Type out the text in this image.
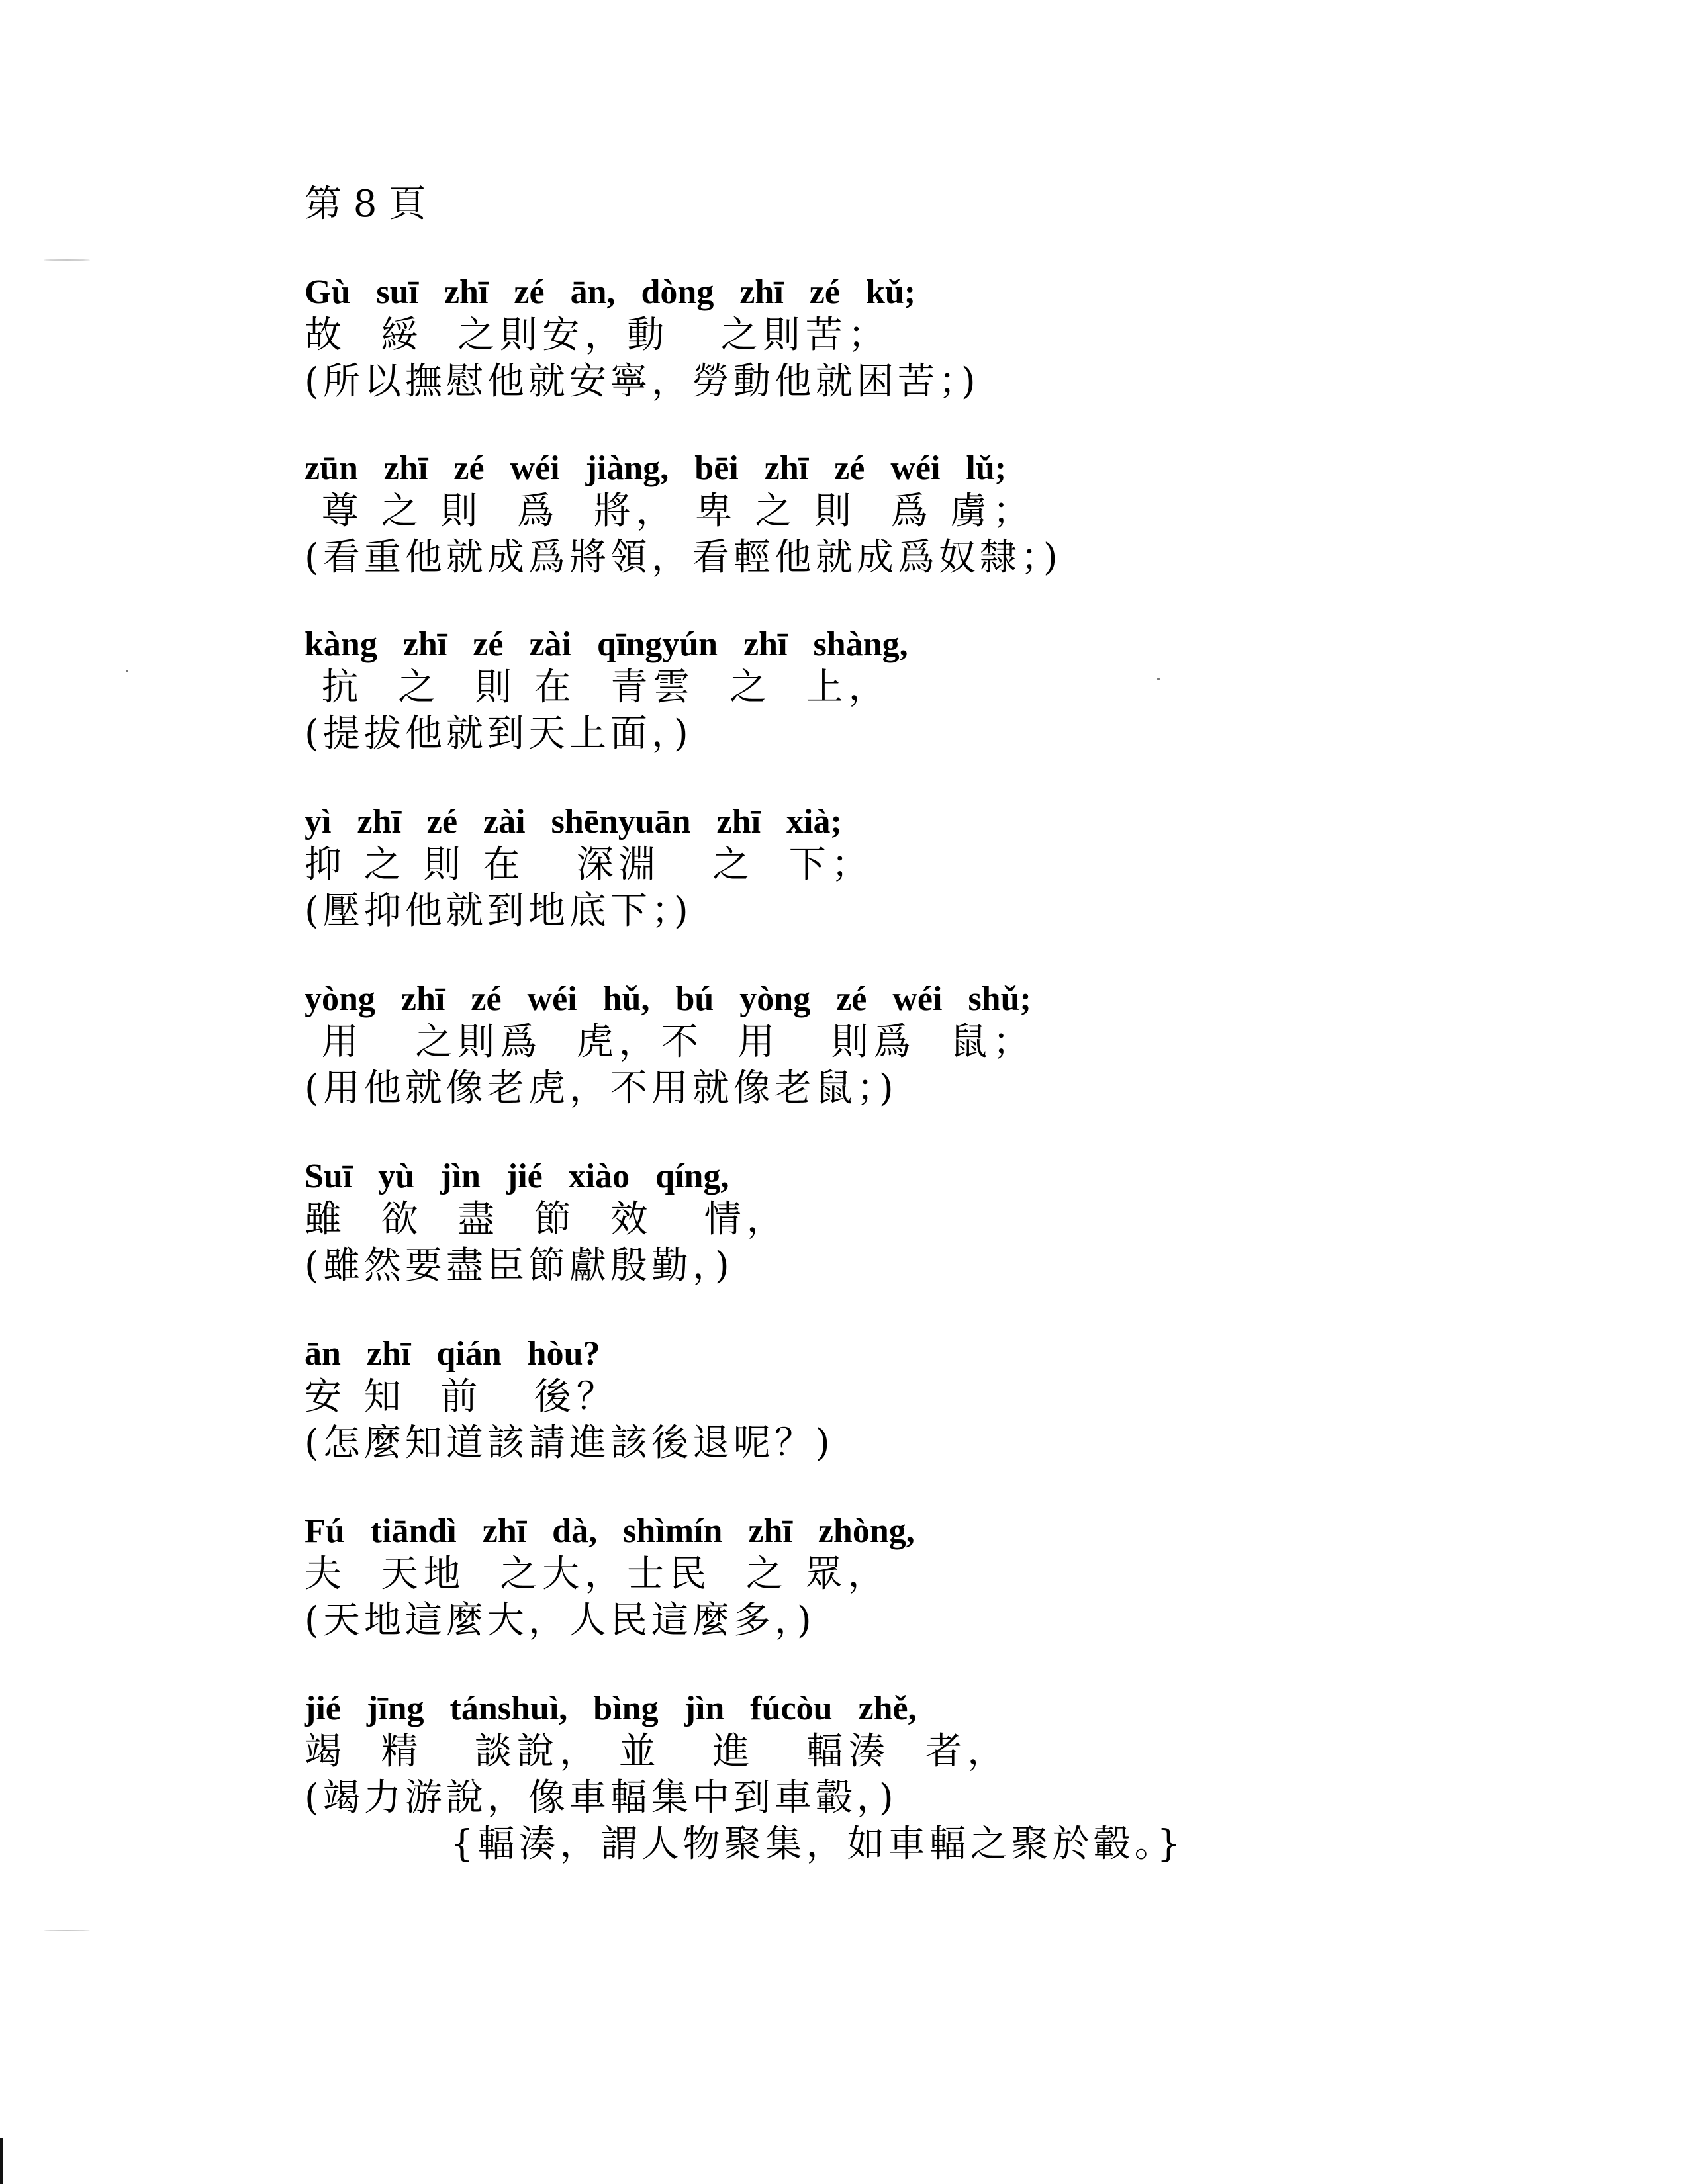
第 8 頁
Gù   suī   zhī   zé   ān,   dòng   zhī   zé   kǔ;
故  綏  之則安，動   之則苦；
(所以撫慰他就安寧，勞動他就困苦；)
zūn   zhī   zé   wéi   jiàng,   bēi   zhī   zé   wéi   lǔ;
尊 之 則  爲  將， 卑 之 則  爲 虜；
(看重他就成爲將領，看輕他就成爲奴隸；)
kàng   zhī   zé   zài   qīngyún   zhī   shàng,
抗  之  則 在  青雲  之  上，
(提拔他就到天上面，)
yì   zhī   zé   zài   shēnyuān   zhī   xià;
抑 之 則 在   深淵   之  下；
(壓抑他就到地底下；)
yòng   zhī   zé   wéi   hǔ,   bú   yòng   zé   wéi   shǔ;
用   之則爲  虎，不  用   則爲  鼠；
(用他就像老虎，不用就像老鼠；)
Suī   yù   jìn   jié   xiào   qíng,
雖  欲  盡  節  效   情，
(雖然要盡臣節獻殷勤，)
ān   zhī   qián   hòu?
安 知  前   後？
(怎麼知道該請進該後退呢？)
Fú   tiāndì   zhī   dà,   shìmín   zhī   zhòng,
夫  天地  之大，士民  之 眾，
(天地這麼大，人民這麼多，)
jié   jīng   tánshuì,   bìng   jìn   fúcòu   zhě,
竭  精   談說， 並   進   輻湊  者，
(竭力游說，像車輻集中到車轂，)
{輻湊，謂人物聚集，如車輻之聚於轂。}
